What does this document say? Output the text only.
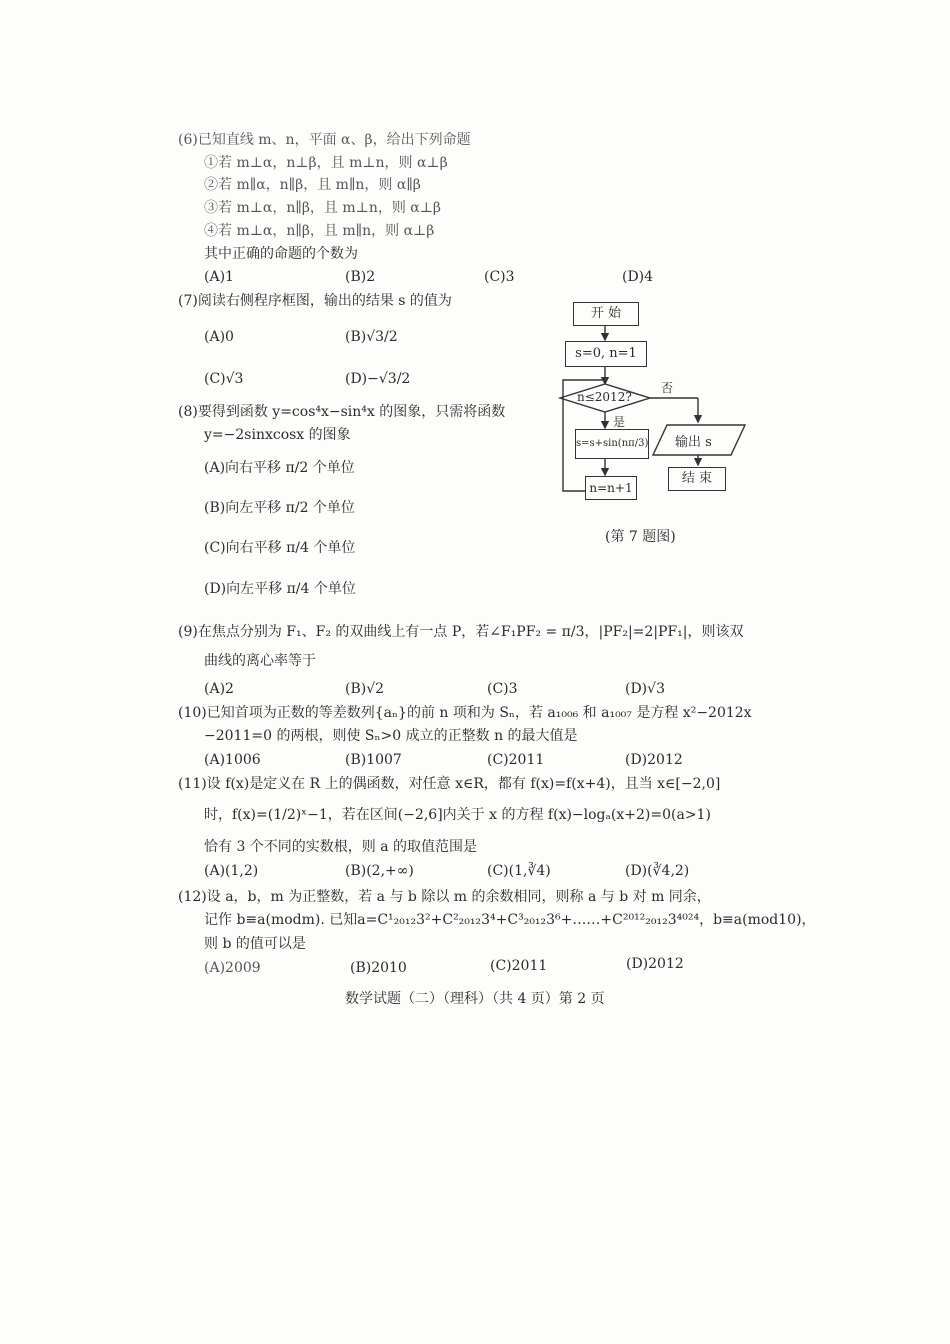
(6)已知直线 m、n，平面 α、β，给出下列命题
①若 m⊥α，n⊥β，且 m⊥n，则 α⊥β
②若 m∥α，n∥β，且 m∥n，则 α∥β
③若 m⊥α，n∥β，且 m⊥n，则 α⊥β
④若 m⊥α，n∥β，且 m∥n，则 α⊥β
其中正确的命题的个数为
(A)1	(B)2	(C)3	(D)4
(7)阅读右侧程序框图，输出的结果 s 的值为
(A)0	(B)√3/2
(C)√3	(D)−√3/2
开 始
s=0, n=1
n≤2012?
是
否
s=s+sin(nπ/3)
n=n+1
输出 s
结 束
(第 7 题图)
(8)要得到函数 y=cos⁴x−sin⁴x 的图象，只需将函数
y=−2sinxcosx 的图象
(A)向右平移 π/2 个单位
(B)向左平移 π/2 个单位
(C)向右平移 π/4 个单位
(D)向左平移 π/4 个单位
(9)在焦点分别为 F₁、F₂ 的双曲线上有一点 P，若∠F₁PF₂ = π/3，|PF₂|=2|PF₁|，则该双
曲线的离心率等于
(A)2	(B)√2	(C)3	(D)√3
(10)已知首项为正数的等差数列{aₙ}的前 n 项和为 Sₙ，若 a₁₀₀₆ 和 a₁₀₀₇ 是方程 x²−2012x
−2011=0 的两根，则使 Sₙ>0 成立的正整数 n 的最大值是
(A)1006	(B)1007	(C)2011	(D)2012
(11)设 f(x)是定义在 R 上的偶函数，对任意 x∈R，都有 f(x)=f(x+4)，且当 x∈[−2,0]
时，f(x)=(1/2)ˣ−1，若在区间(−2,6]内关于 x 的方程 f(x)−logₐ(x+2)=0(a>1)
恰有 3 个不同的实数根，则 a 的取值范围是
(A)(1,2)	(B)(2,+∞)	(C)(1,∛4)	(D)(∛4,2)
(12)设 a，b，m 为正整数，若 a 与 b 除以 m 的余数相同，则称 a 与 b 对 m 同余，
记作 b≡a(modm). 已知a=C¹₂₀₁₂3²+C²₂₀₁₂3⁴+C³₂₀₁₂3⁶+……+C²⁰¹²₂₀₁₂3⁴⁰²⁴，b≡a(mod10)，
则 b 的值可以是
(A)2009	(B)2010	(C)2011	(D)2012
数学试题（二）（理科）（共 4 页）第 2 页
